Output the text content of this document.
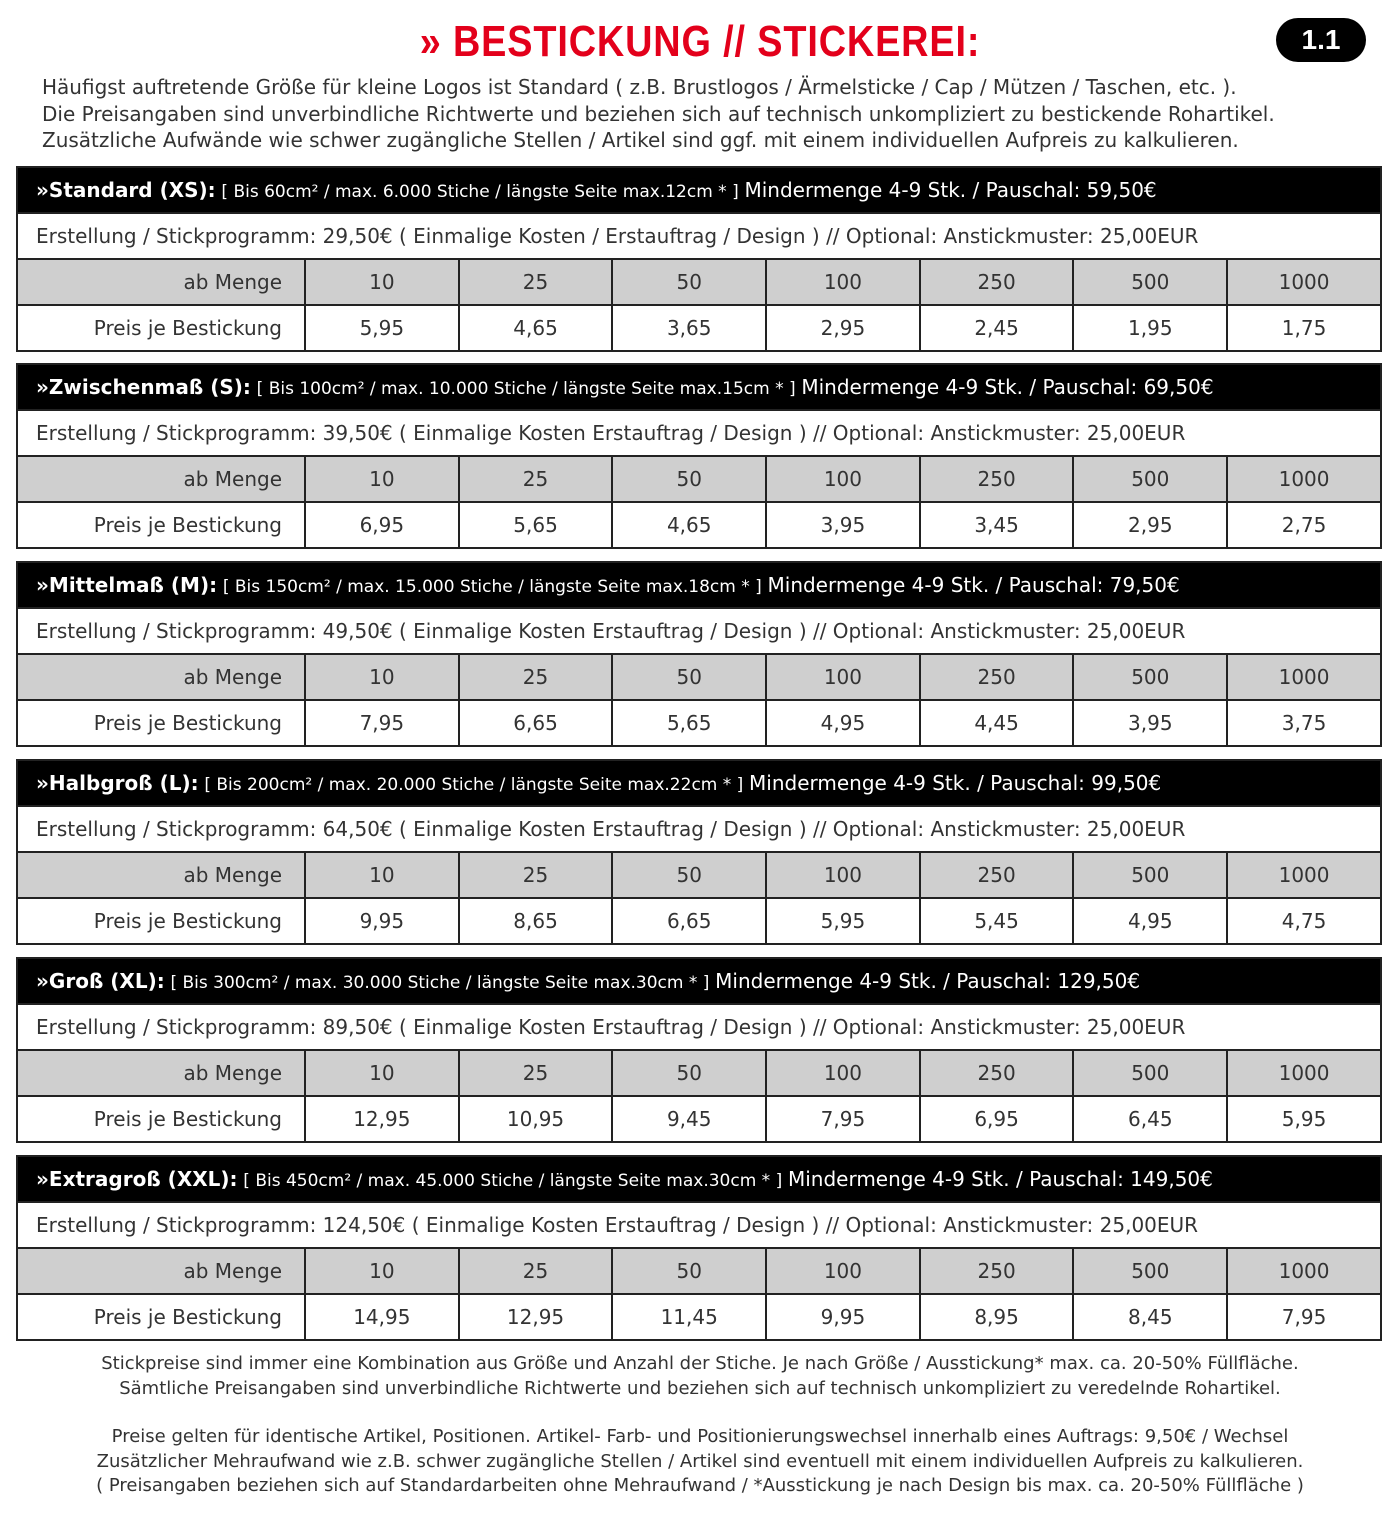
» BESTICKUNG // STICKEREI:	1.1
Häufigst auftretende Größe für kleine Logos ist Standard ( z.B. Brustlogos / Ärmelsticke / Cap / Mützen / Taschen, etc. ).
Die Preisangaben sind unverbindliche Richtwerte und beziehen sich auf technisch unkompliziert zu bestickende Rohartikel.
Zusätzliche Aufwände wie schwer zugängliche Stellen / Artikel sind ggf. mit einem individuellen Aufpreis zu kalkulieren.
»Standard (XS): [ Bis 60cm² / max. 6.000 Stiche / längste Seite max.12cm * ] Mindermenge 4-9 Stk. / Pauschal: 59,50€
Erstellung / Stickprogramm: 29,50€ ( Einmalige Kosten / Erstauftrag / Design ) // Optional: Anstickmuster: 25,00EUR
ab Menge	10	25	50	100	250	500	1000
Preis je Bestickung	5,95	4,65	3,65	2,95	2,45	1,95	1,75
»Zwischenmaß (S): [ Bis 100cm² / max. 10.000 Stiche / längste Seite max.15cm * ] Mindermenge 4-9 Stk. / Pauschal: 69,50€
Erstellung / Stickprogramm: 39,50€ ( Einmalige Kosten Erstauftrag / Design ) // Optional: Anstickmuster: 25,00EUR
ab Menge	10	25	50	100	250	500	1000
Preis je Bestickung	6,95	5,65	4,65	3,95	3,45	2,95	2,75
»Mittelmaß (M): [ Bis 150cm² / max. 15.000 Stiche / längste Seite max.18cm * ] Mindermenge 4-9 Stk. / Pauschal: 79,50€
Erstellung / Stickprogramm: 49,50€ ( Einmalige Kosten Erstauftrag / Design ) // Optional: Anstickmuster: 25,00EUR
ab Menge	10	25	50	100	250	500	1000
Preis je Bestickung	7,95	6,65	5,65	4,95	4,45	3,95	3,75
»Halbgroß (L): [ Bis 200cm² / max. 20.000 Stiche / längste Seite max.22cm * ] Mindermenge 4-9 Stk. / Pauschal: 99,50€
Erstellung / Stickprogramm: 64,50€ ( Einmalige Kosten Erstauftrag / Design ) // Optional: Anstickmuster: 25,00EUR
ab Menge	10	25	50	100	250	500	1000
Preis je Bestickung	9,95	8,65	6,65	5,95	5,45	4,95	4,75
»Groß (XL): [ Bis 300cm² / max. 30.000 Stiche / längste Seite max.30cm * ] Mindermenge 4-9 Stk. / Pauschal: 129,50€
Erstellung / Stickprogramm: 89,50€ ( Einmalige Kosten Erstauftrag / Design ) // Optional: Anstickmuster: 25,00EUR
ab Menge	10	25	50	100	250	500	1000
Preis je Bestickung	12,95	10,95	9,45	7,95	6,95	6,45	5,95
»Extragroß (XXL): [ Bis 450cm² / max. 45.000 Stiche / längste Seite max.30cm * ] Mindermenge 4-9 Stk. / Pauschal: 149,50€
Erstellung / Stickprogramm: 124,50€ ( Einmalige Kosten Erstauftrag / Design ) // Optional: Anstickmuster: 25,00EUR
ab Menge	10	25	50	100	250	500	1000
Preis je Bestickung	14,95	12,95	11,45	9,95	8,95	8,45	7,95
Stickpreise sind immer eine Kombination aus Größe und Anzahl der Stiche. Je nach Größe / Ausstickung* max. ca. 20-50% Füllfläche.
Sämtliche Preisangaben sind unverbindliche Richtwerte und beziehen sich auf technisch unkompliziert zu veredelnde Rohartikel.
Preise gelten für identische Artikel, Positionen. Artikel- Farb- und Positionierungswechsel innerhalb eines Auftrags: 9,50€ / Wechsel
Zusätzlicher Mehraufwand wie z.B. schwer zugängliche Stellen / Artikel sind eventuell mit einem individuellen Aufpreis zu kalkulieren.
( Preisangaben beziehen sich auf Standardarbeiten ohne Mehraufwand / *Ausstickung je nach Design bis max. ca. 20-50% Füllfläche )
